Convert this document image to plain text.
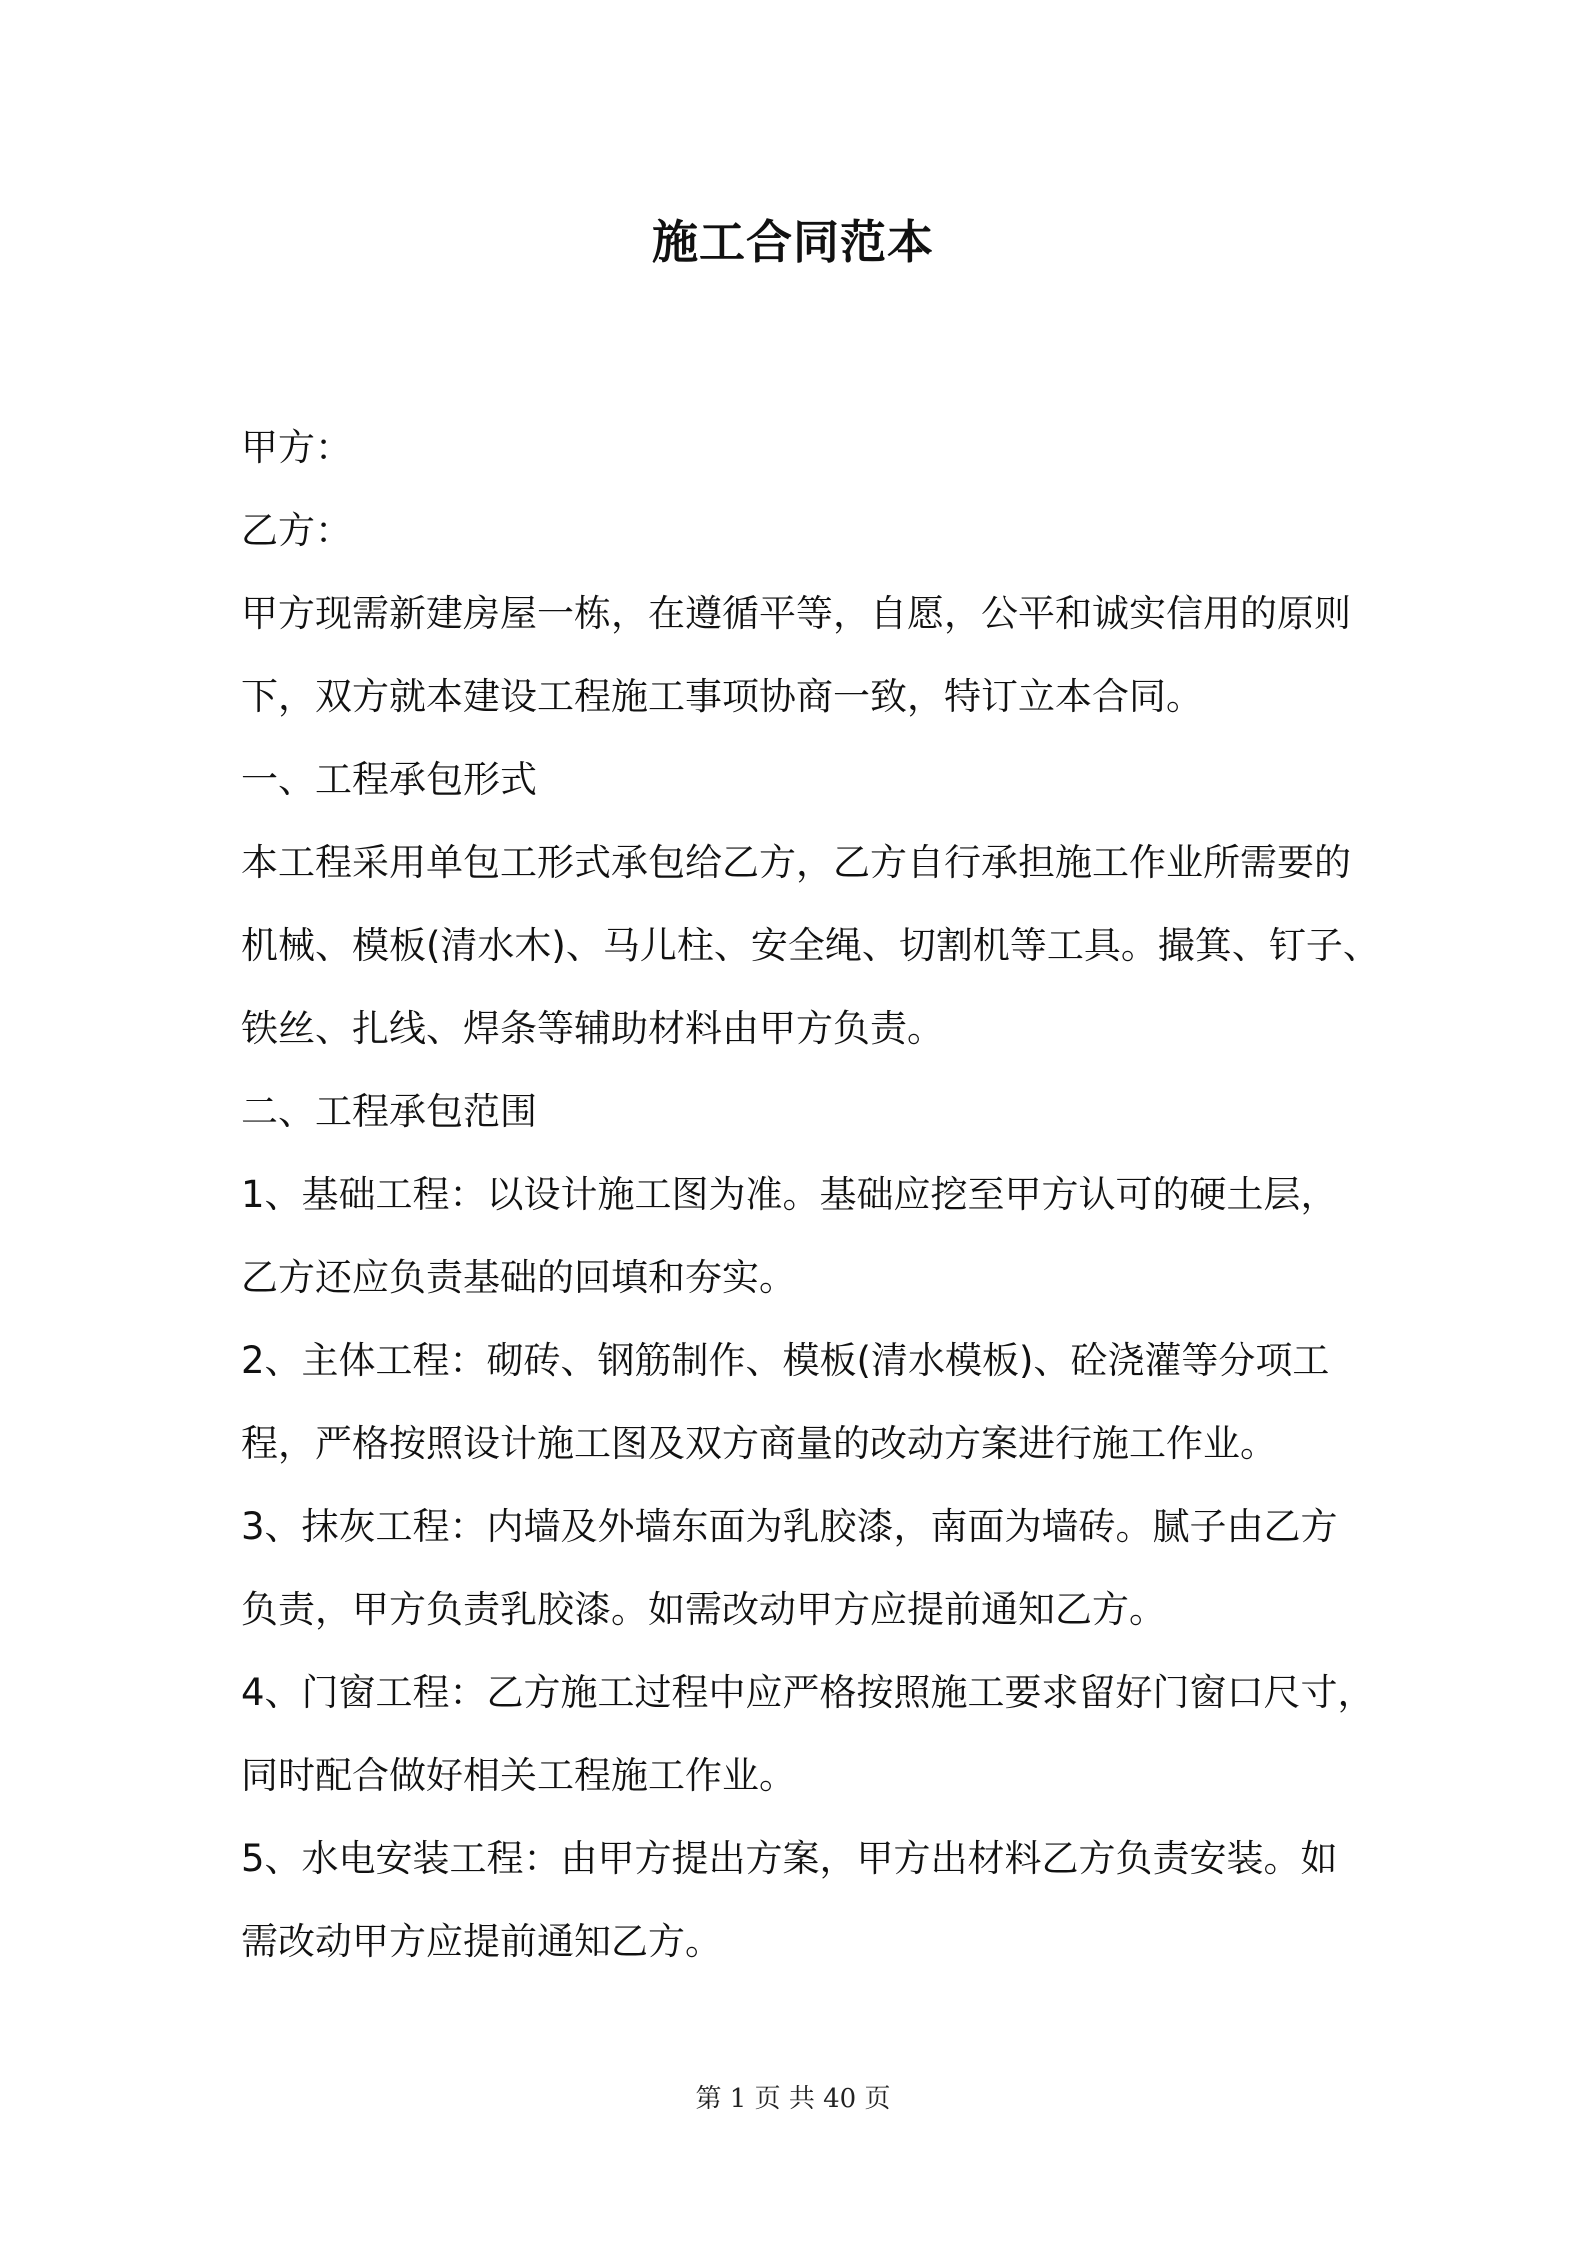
施工合同范本

甲方：

乙方：

甲方现需新建房屋一栋，在遵循平等，自愿，公平和诚实信用的原则

下，双方就本建设工程施工事项协商一致，特订立本合同。

一、工程承包形式

本工程采用单包工形式承包给乙方，乙方自行承担施工作业所需要的

机械、模板(清水木)、马儿柱、安全绳、切割机等工具。撮箕、钉子、

铁丝、扎线、焊条等辅助材料由甲方负责。

二、工程承包范围

1、基础工程：以设计施工图为准。基础应挖至甲方认可的硬土层，

乙方还应负责基础的回填和夯实。

2、主体工程：砌砖、钢筋制作、模板(清水模板)、砼浇灌等分项工

程，严格按照设计施工图及双方商量的改动方案进行施工作业。

3、抹灰工程：内墙及外墙东面为乳胶漆，南面为墙砖。腻子由乙方

负责，甲方负责乳胶漆。如需改动甲方应提前通知乙方。

4、门窗工程：乙方施工过程中应严格按照施工要求留好门窗口尺寸，

同时配合做好相关工程施工作业。

5、水电安装工程：由甲方提出方案，甲方出材料乙方负责安装。如

需改动甲方应提前通知乙方。

第 1 页 共 40 页
